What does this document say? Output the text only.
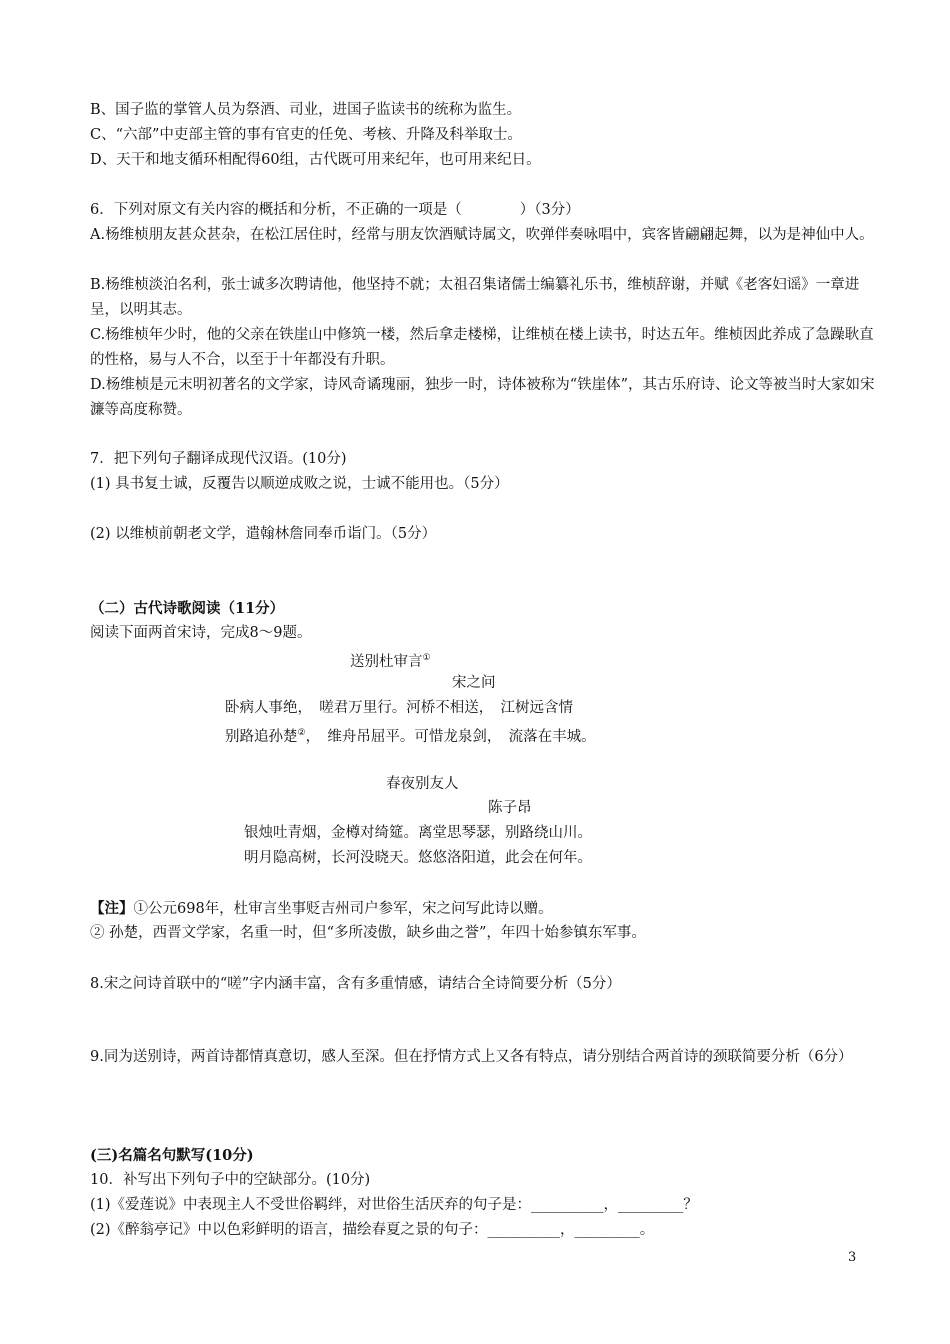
B、国子监的掌管人员为祭酒、司业，进国子监读书的统称为监生。
C、“六部”中吏部主管的事有官吏的任免、考核、升降及科举取士。
D、天干和地支循环相配得60组，古代既可用来纪年，也可用来纪日。
6．下列对原文有关内容的概括和分析，不正确的一项是（　　　　）（3分）
A.杨维桢朋友甚众甚杂，在松江居住时，经常与朋友饮酒赋诗属文，吹弹伴奏咏唱中，宾客皆翩翩起舞，以为是神仙中人。
B.杨维桢淡泊名利，张士诚多次聘请他，他坚持不就；太祖召集诸儒士编纂礼乐书，维桢辞谢，并赋《老客妇谣》一章进呈，以明其志。
C.杨维桢年少时，他的父亲在铁崖山中修筑一楼，然后拿走楼梯，让维桢在楼上读书，时达五年。维桢因此养成了急躁耿直的性格，易与人不合，以至于十年都没有升职。
D.杨维桢是元末明初著名的文学家，诗风奇谲瑰丽，独步一时，诗体被称为“铁崖体”，其古乐府诗、论文等被当时大家如宋濂等高度称赞。
7．把下列句子翻译成现代汉语。(10分)
(1) 具书复士诚，反覆告以顺逆成败之说，士诚不能用也。（5分）
(2) 以维桢前朝老文学，遣翰林詹同奉币诣门。（5分）
（二）古代诗歌阅读（11分）
阅读下面两首宋诗，完成8～9题。
送别杜审言①
宋之问
卧病人事绝，　嗟君万里行。河桥不相送，　江树远含情
别路追孙楚②，　维舟吊屈平。可惜龙泉剑，　流落在丰城。
春夜别友人
陈子昂
银烛吐青烟，金樽对绮筵。离堂思琴瑟，别路绕山川。
明月隐高树，长河没晓天。悠悠洛阳道，此会在何年。
【注】①公元698年，杜审言坐事贬吉州司户参军，宋之问写此诗以赠。
② 孙楚，西晋文学家，名重一时，但“多所凌傲，缺乡曲之誉”，年四十始参镇东军事。
8.宋之问诗首联中的“嗟”字内涵丰富，含有多重情感，请结合全诗简要分析（5分）
9.同为送别诗，两首诗都情真意切，感人至深。但在抒情方式上又各有特点，请分别结合两首诗的颈联简要分析（6分）
(三)名篇名句默写(10分)
10．补写出下列句子中的空缺部分。(10分)
(1)《爱莲说》中表现主人不受世俗羁绊，对世俗生活厌弃的句子是：__________，_________？
(2)《醉翁亭记》中以色彩鲜明的语言，描绘春夏之景的句子：__________，_________。
3
